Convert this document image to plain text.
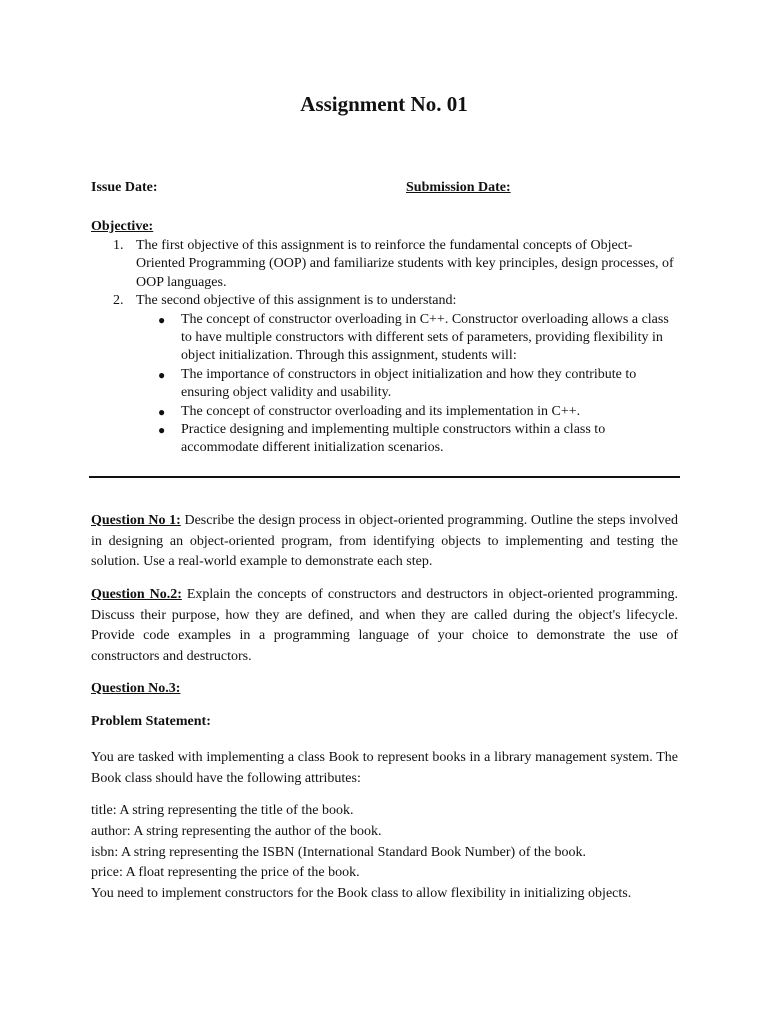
Assignment No. 01
Issue Date:	Submission Date:
Objective:
1. The first objective of this assignment is to reinforce the fundamental concepts of Object-Oriented Programming (OOP) and familiarize students with key principles, design processes, of OOP languages.
2. The second objective of this assignment is to understand:
● The concept of constructor overloading in C++. Constructor overloading allows a class to have multiple constructors with different sets of parameters, providing flexibility in object initialization. Through this assignment, students will:
● The importance of constructors in object initialization and how they contribute to ensuring object validity and usability.
● The concept of constructor overloading and its implementation in C++.
● Practice designing and implementing multiple constructors within a class to accommodate different initialization scenarios.
Question No 1: Describe the design process in object-oriented programming. Outline the steps involved in designing an object-oriented program, from identifying objects to implementing and testing the solution. Use a real-world example to demonstrate each step.
Question No.2: Explain the concepts of constructors and destructors in object-oriented programming. Discuss their purpose, how they are defined, and when they are called during the object's lifecycle. Provide code examples in a programming language of your choice to demonstrate the use of constructors and destructors.
Question No.3:
Problem Statement:
You are tasked with implementing a class Book to represent books in a library management system. The Book class should have the following attributes:
title: A string representing the title of the book.
author: A string representing the author of the book.
isbn: A string representing the ISBN (International Standard Book Number) of the book.
price: A float representing the price of the book.
You need to implement constructors for the Book class to allow flexibility in initializing objects.
